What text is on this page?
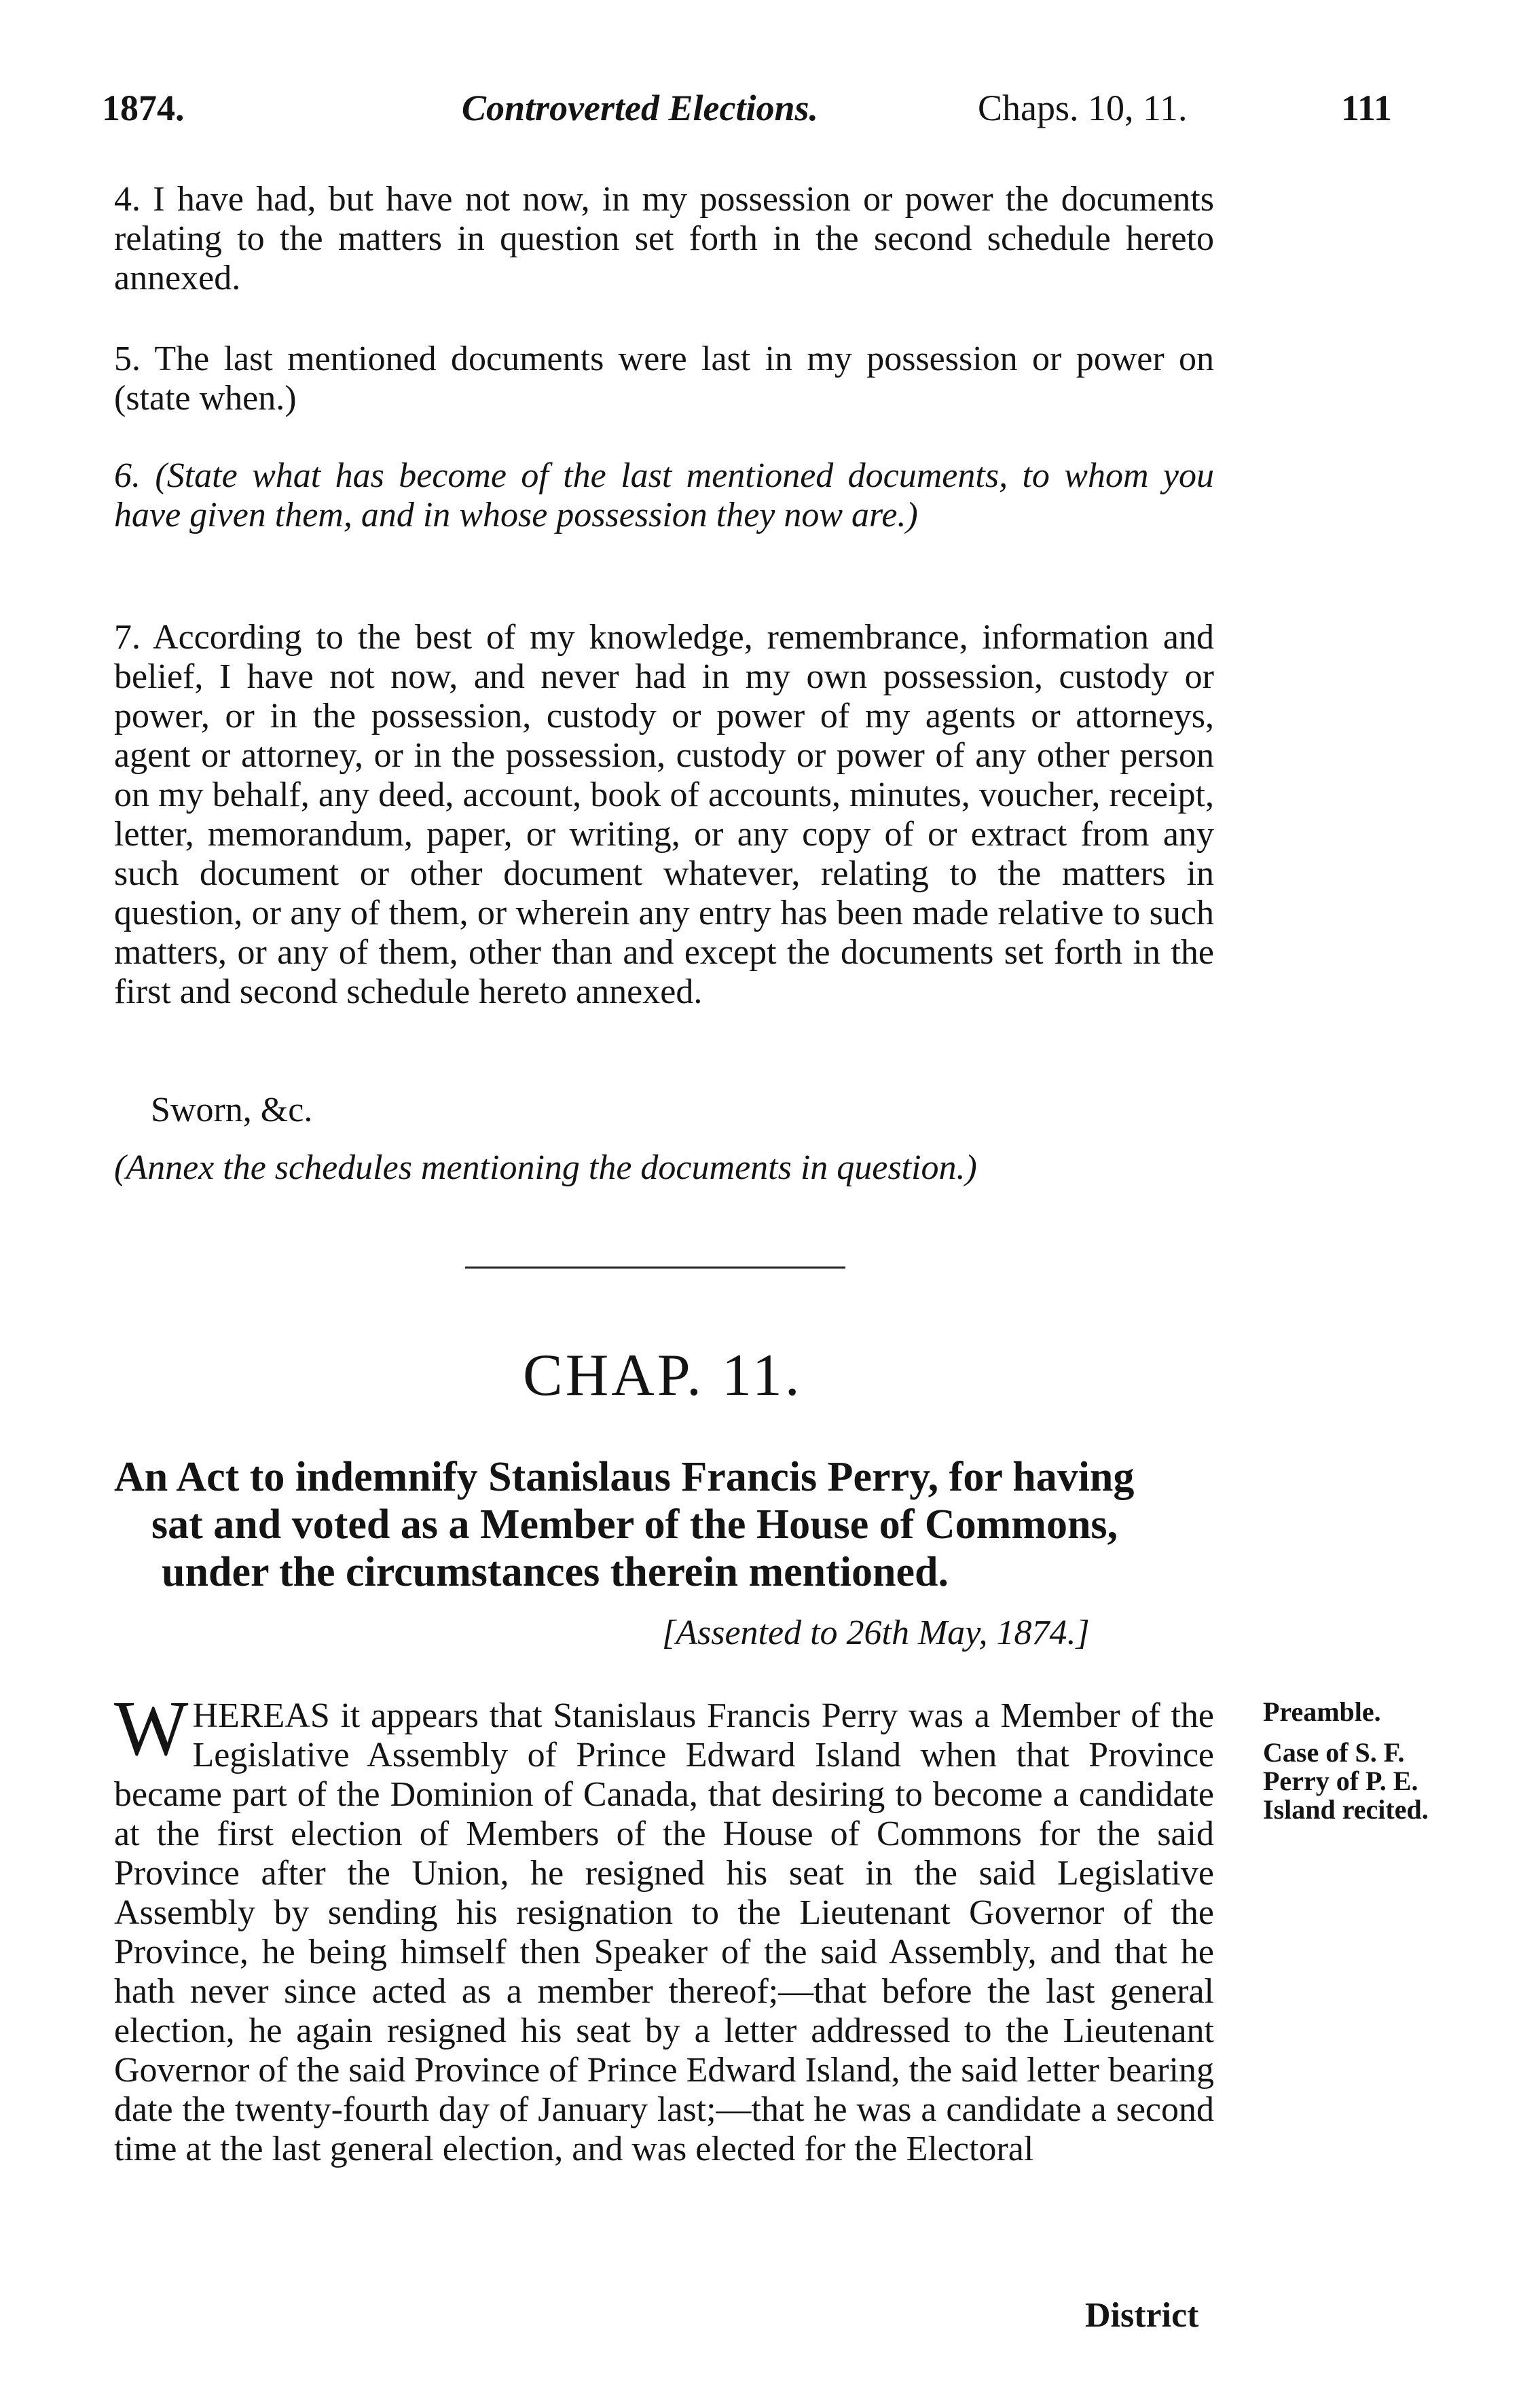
1874.	Controverted Elections.	Chaps. 10, 11.	111
4. I have had, but have not now, in my possession or power the documents relating to the matters in question set forth in the second schedule hereto annexed.
5. The last mentioned documents were last in my possession or power on (state when.)
6. (State what has become of the last mentioned documents, to whom you have given them, and in whose possession they now are.)
7. According to the best of my knowledge, remembrance, information and belief, I have not now, and never had in my own possession, custody or power, or in the possession, custody or power of my agents or attorneys, agent or attorney, or in the possession, custody or power of any other person on my behalf, any deed, account, book of accounts, minutes, voucher, receipt, letter, memorandum, paper, or writing, or any copy of or extract from any such document or other document whatever, relating to the matters in question, or any of them, or wherein any entry has been made relative to such matters, or any of them, other than and except the documents set forth in the first and second schedule hereto annexed.
Sworn, &c.
(Annex the schedules mentioning the documents in question.)
CHAP. 11.
An Act to indemnify Stanislaus Francis Perry, for having
sat and voted as a Member of the House of Commons,
under the circumstances therein mentioned.
[Assented to 26th May, 1874.]
WHEREAS it appears that Stanislaus Francis Perry was a Member of the Legislative Assembly of Prince Edward Island when that Province became part of the Dominion of Canada, that desiring to become a candidate at the first election of Members of the House of Commons for the said Province after the Union, he resigned his seat in the said Legislative Assembly by sending his resignation to the Lieutenant Governor of the Province, he being himself then Speaker of the said Assembly, and that he hath never since acted as a member thereof;—that before the last general election, he again resigned his seat by a letter addressed to the Lieutenant Governor of the said Province of Prince Edward Island, the said letter bearing date the twenty-fourth day of January last;—that he was a candidate a second time at the last general election, and was elected for the Electoral
District
Preamble.
Case of S. F. Perry of P. E. Island recited.
